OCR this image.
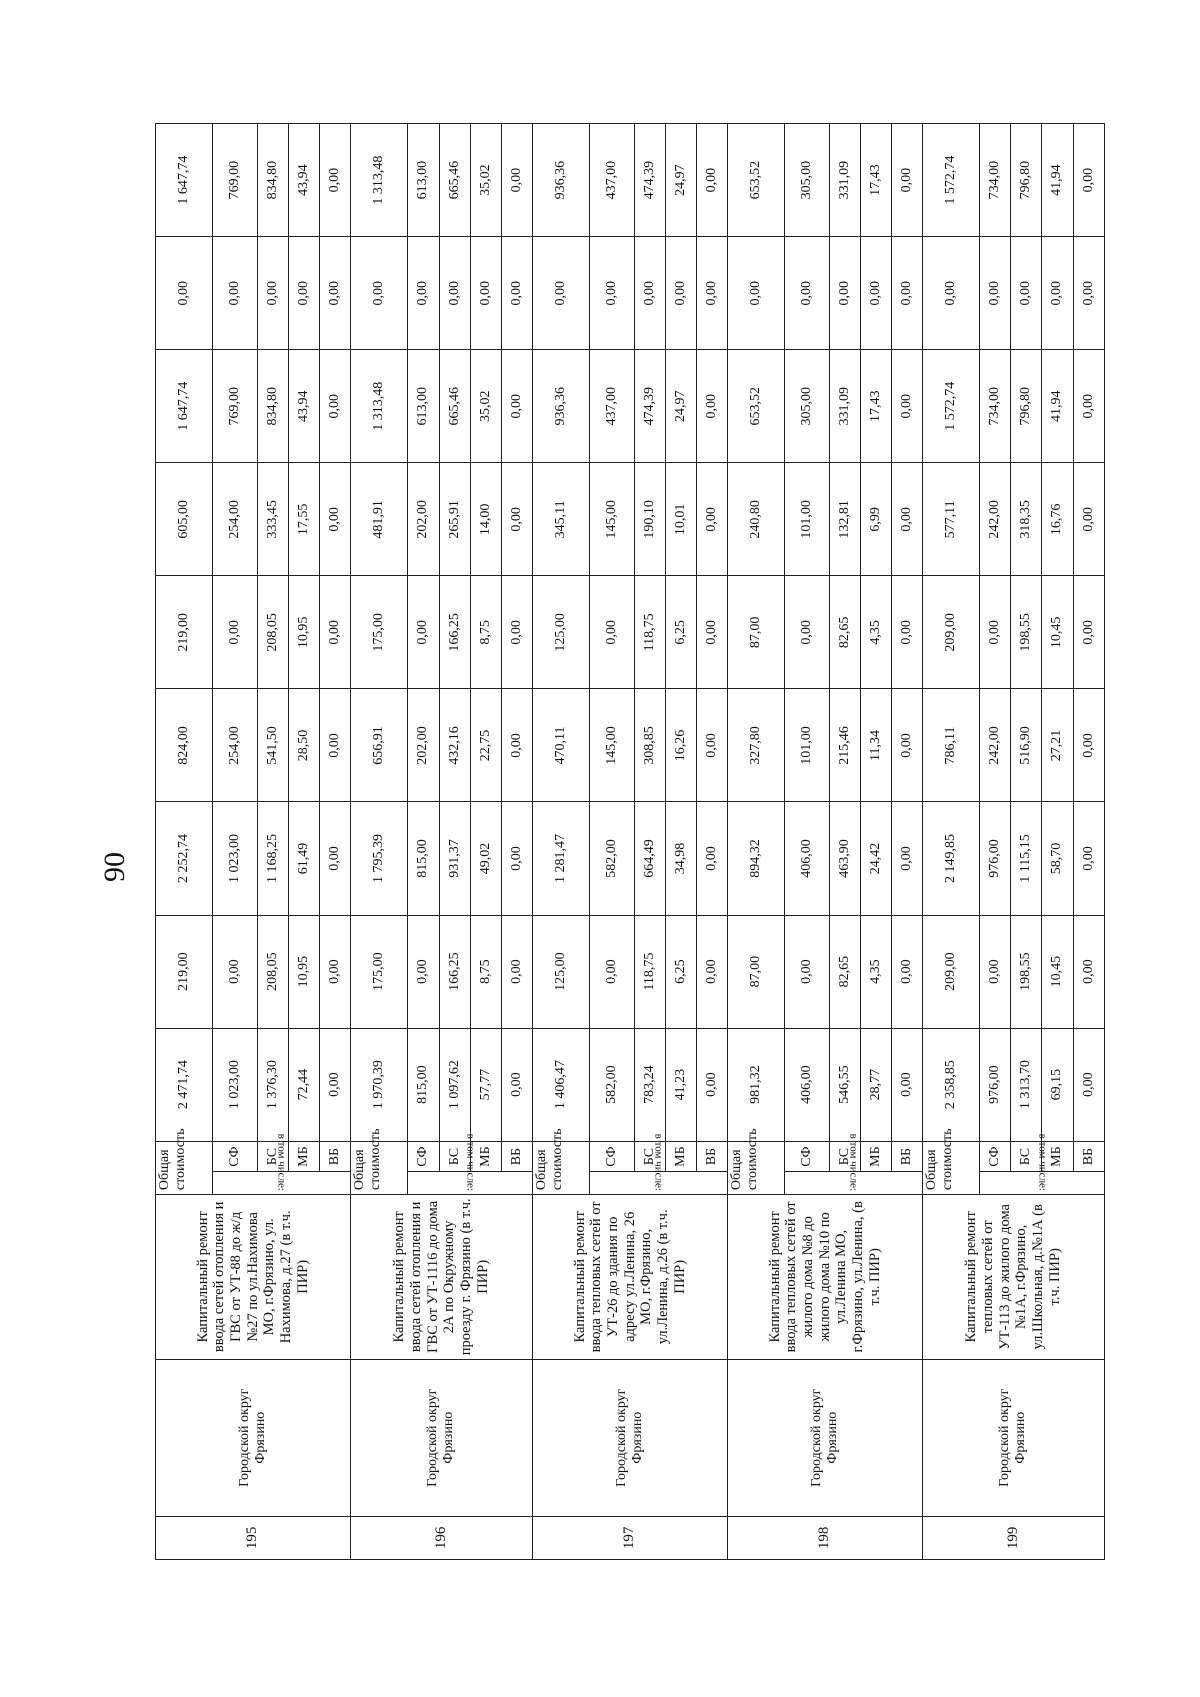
90
195	Городской округ Фрязино	Капитальный ремонт ввода сетей отопления и ГВС от УТ-88 до ж/д №27 по ул.Нахимова МО, г.Фрязино, ул. Нахимова, д.27 (в т.ч. ПИР)	Общая стоимость		2 471,74	219,00	2 252,74	824,00	219,00	605,00	1 647,74	0,00	1 647,74
			в том числе:	СФ	1 023,00	0,00	1 023,00	254,00	0,00	254,00	769,00	0,00	769,00
				БС	1 376,30	208,05	1 168,25	541,50	208,05	333,45	834,80	0,00	834,80
				МБ	72,44	10,95	61,49	28,50	10,95	17,55	43,94	0,00	43,94
				ВБ	0,00	0,00	0,00	0,00	0,00	0,00	0,00	0,00	0,00
196	Городской округ Фрязино	Капитальный ремонт ввода сетей отопления и ГВС от УТ-1116 до дома 2А по Окружному проезду г. Фрязино (в т.ч. ПИР)	Общая стоимость		1 970,39	175,00	1 795,39	656,91	175,00	481,91	1 313,48	0,00	1 313,48
			в том числе:	СФ	815,00	0,00	815,00	202,00	0,00	202,00	613,00	0,00	613,00
				БС	1 097,62	166,25	931,37	432,16	166,25	265,91	665,46	0,00	665,46
				МБ	57,77	8,75	49,02	22,75	8,75	14,00	35,02	0,00	35,02
				ВБ	0,00	0,00	0,00	0,00	0,00	0,00	0,00	0,00	0,00
197	Городской округ Фрязино	Капитальный ремонт ввода тепловых сетей от УТ-26 до здания по адресу ул.Ленина, 26 МО, г.Фрязино, ул.Ленина, д.26 (в т.ч. ПИР)	Общая стоимость		1 406,47	125,00	1 281,47	470,11	125,00	345,11	936,36	0,00	936,36
			в том числе:	СФ	582,00	0,00	582,00	145,00	0,00	145,00	437,00	0,00	437,00
				БС	783,24	118,75	664,49	308,85	118,75	190,10	474,39	0,00	474,39
				МБ	41,23	6,25	34,98	16,26	6,25	10,01	24,97	0,00	24,97
				ВБ	0,00	0,00	0,00	0,00	0,00	0,00	0,00	0,00	0,00
198	Городской округ Фрязино	Капитальный ремонт ввода тепловых сетей от жилого дома №8 до жилого дома №10 по ул.Ленина МО, г.Фрязино, ул.Ленина, (в т.ч. ПИР)	Общая стоимость		981,32	87,00	894,32	327,80	87,00	240,80	653,52	0,00	653,52
			в том числе:	СФ	406,00	0,00	406,00	101,00	0,00	101,00	305,00	0,00	305,00
				БС	546,55	82,65	463,90	215,46	82,65	132,81	331,09	0,00	331,09
				МБ	28,77	4,35	24,42	11,34	4,35	6,99	17,43	0,00	17,43
				ВБ	0,00	0,00	0,00	0,00	0,00	0,00	0,00	0,00	0,00
199	Городской округ Фрязино	Капитальный ремонт тепловых сетей от УТ-113 до жилого дома №1А, г.Фрязино, ул.Школьная, д.№1А (в т.ч. ПИР)	Общая стоимость		2 358,85	209,00	2 149,85	786,11	209,00	577,11	1 572,74	0,00	1 572,74
			в том числе:	СФ	976,00	0,00	976,00	242,00	0,00	242,00	734,00	0,00	734,00
				БС	1 313,70	198,55	1 115,15	516,90	198,55	318,35	796,80	0,00	796,80
				МБ	69,15	10,45	58,70	27,21	10,45	16,76	41,94	0,00	41,94
				ВБ	0,00	0,00	0,00	0,00	0,00	0,00	0,00	0,00	0,00
